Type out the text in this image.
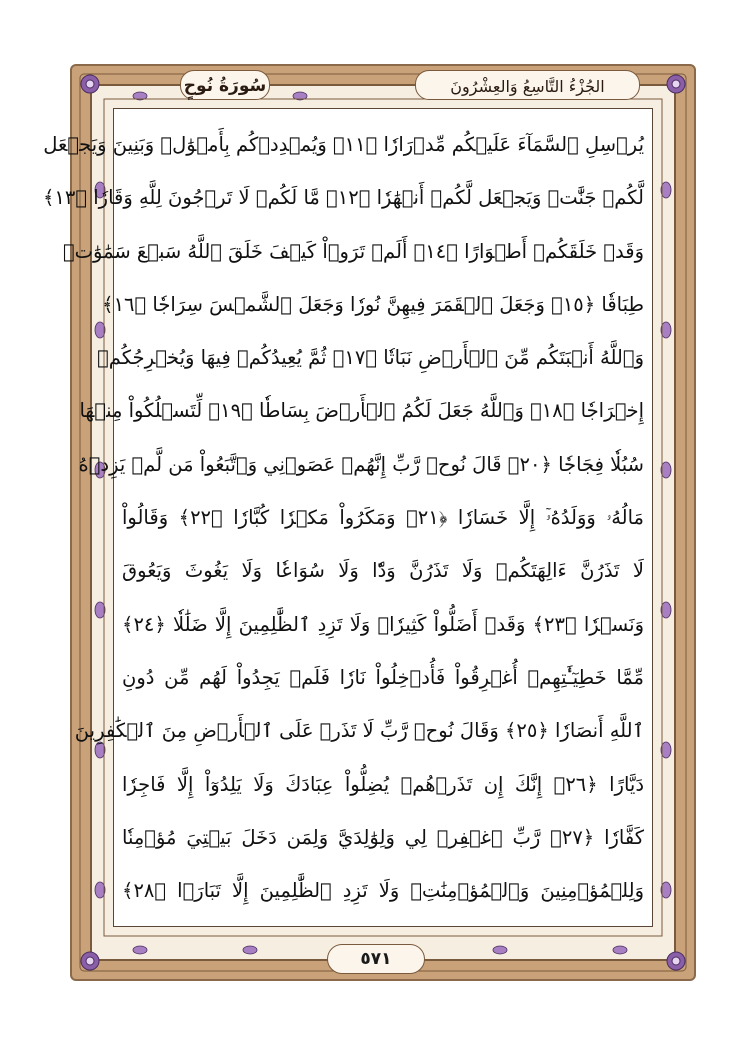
الجُزْءُ التَّاسِعُ وَالعِشْرُونَ
سُورَةُ نُوحٍ
يُرۡسِلِ ٱلسَّمَآءَ عَلَيۡكُم مِّدۡرَارٗا ﴿١١﴾ وَيُمۡدِدۡكُم بِأَمۡوَٰلٖ وَبَنِينَ وَيَجۡعَل
لَّكُمۡ جَنَّٰتٖ وَيَجۡعَل لَّكُمۡ أَنۡهَٰرٗا ﴿١٢﴾ مَّا لَكُمۡ لَا تَرۡجُونَ لِلَّهِ وَقَارٗا ﴿١٣﴾
وَقَدۡ خَلَقَكُمۡ أَطۡوَارًا ﴿١٤﴾ أَلَمۡ تَرَوۡاْ كَيۡفَ خَلَقَ ٱللَّهُ سَبۡعَ سَمَٰوَٰتٖ
طِبَاقٗا ﴿١٥﴾ وَجَعَلَ ٱلۡقَمَرَ فِيهِنَّ نُورٗا وَجَعَلَ ٱلشَّمۡسَ سِرَاجٗا ﴿١٦﴾
وَٱللَّهُ أَنۢبَتَكُم مِّنَ ٱلۡأَرۡضِ نَبَاتٗا ﴿١٧﴾ ثُمَّ يُعِيدُكُمۡ فِيهَا وَيُخۡرِجُكُمۡ
إِخۡرَاجٗا ﴿١٨﴾ وَٱللَّهُ جَعَلَ لَكُمُ ٱلۡأَرۡضَ بِسَاطٗا ﴿١٩﴾ لِّتَسۡلُكُواْ مِنۡهَا
سُبُلٗا فِجَاجٗا ﴿٢٠﴾ قَالَ نُوحٞ رَّبِّ إِنَّهُمۡ عَصَوۡنِي وَٱتَّبَعُواْ مَن لَّمۡ يَزِدۡهُ
مَالُهُۥ وَوَلَدُهُۥٓ إِلَّا خَسَارٗا ﴿٢١﴾ وَمَكَرُواْ مَكۡرٗا كُبَّارٗا ﴿٢٢﴾ وَقَالُواْ
لَا تَذَرُنَّ ءَالِهَتَكُمۡ وَلَا تَذَرُنَّ وَدّٗا وَلَا سُوَاعٗا وَلَا يَغُوثَ وَيَعُوقَ
وَنَسۡرٗا ﴿٢٣﴾ وَقَدۡ أَضَلُّواْ كَثِيرٗاۖ وَلَا تَزِدِ ٱلظَّٰلِمِينَ إِلَّا ضَلَٰلٗا ﴿٢٤﴾
مِّمَّا خَطِيٓـَٰٔتِهِمۡ أُغۡرِقُواْ فَأُدۡخِلُواْ نَارٗا فَلَمۡ يَجِدُواْ لَهُم مِّن دُونِ
ٱللَّهِ أَنصَارٗا ﴿٢٥﴾ وَقَالَ نُوحٞ رَّبِّ لَا تَذَرۡ عَلَى ٱلۡأَرۡضِ مِنَ ٱلۡكَٰفِرِينَ
دَيَّارًا ﴿٢٦﴾ إِنَّكَ إِن تَذَرۡهُمۡ يُضِلُّواْ عِبَادَكَ وَلَا يَلِدُوٓاْ إِلَّا فَاجِرٗا
كَفَّارٗا ﴿٢٧﴾ رَّبِّ ٱغۡفِرۡ لِي وَلِوَٰلِدَيَّ وَلِمَن دَخَلَ بَيۡتِيَ مُؤۡمِنٗا
وَلِلۡمُؤۡمِنِينَ وَٱلۡمُؤۡمِنَٰتِۖ وَلَا تَزِدِ ٱلظَّٰلِمِينَ إِلَّا تَبَارَۢا ﴿٢٨﴾
٥٧١
